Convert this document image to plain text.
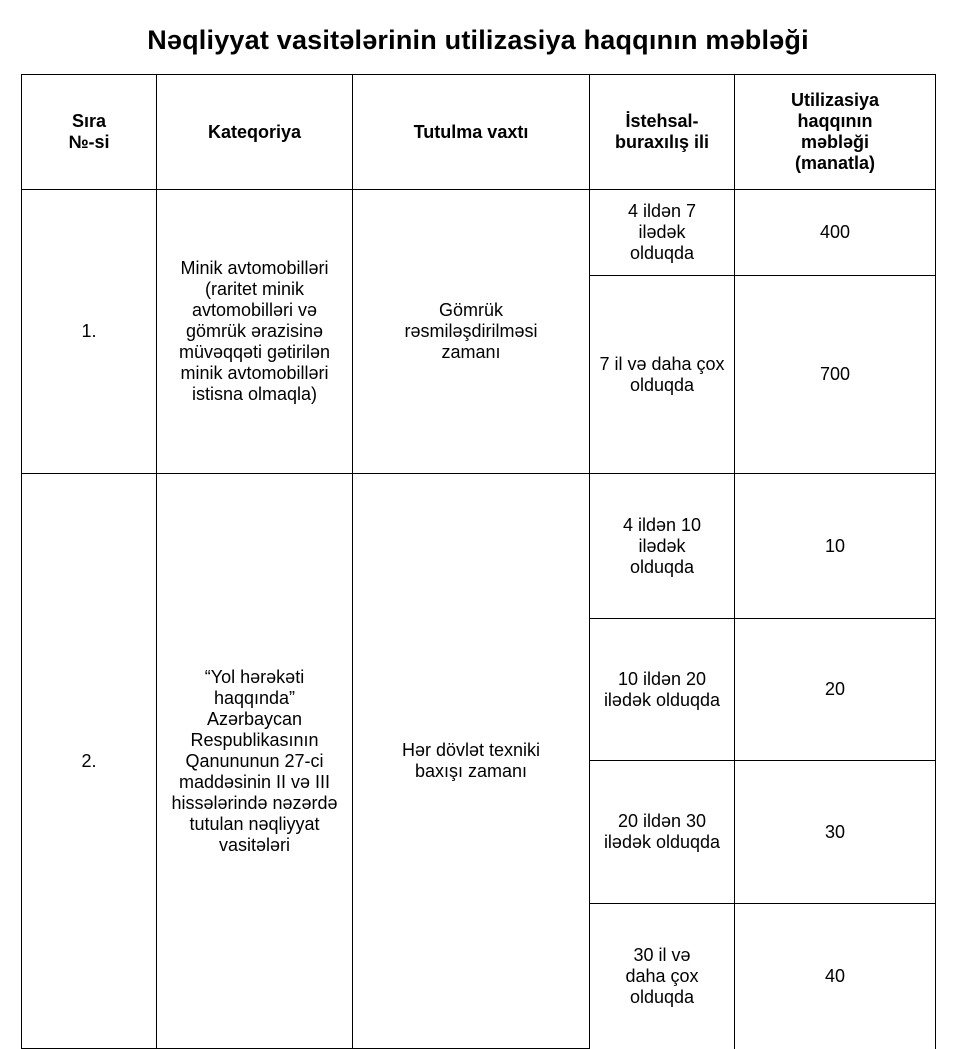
Nəqliyyat vasitələrinin utilizasiya haqqının məbləği
Sıra №-si	Kateqoriya	Tutulma vaxtı	İstehsal-buraxılış ili	Utilizasiya haqqının məbləği (manatla)

1.	Minik avtomobilləri (raritet minik avtomobilləri və gömrük ərazisinə müvəqqəti gətirilən minik avtomobilləri istisna olmaqla)	Gömrük rəsmiləşdirilməsi zamanı	4 ildən 7 ilədək olduqda	400

			7 il və daha çox olduqda	700

2.	“Yol hərəkəti haqqında” Azərbaycan Respublikasının Qanununun 27-ci maddəsinin II və III hissələrində nəzərdə tutulan nəqliyyat vasitələri	Hər dövlət texniki baxışı zamanı	4 ildən 10 ilədək olduqda	10

			10 ildən 20 ilədək olduqda	20

			20 ildən 30 ilədək olduqda	30

			30 il və daha çox olduqda	40
